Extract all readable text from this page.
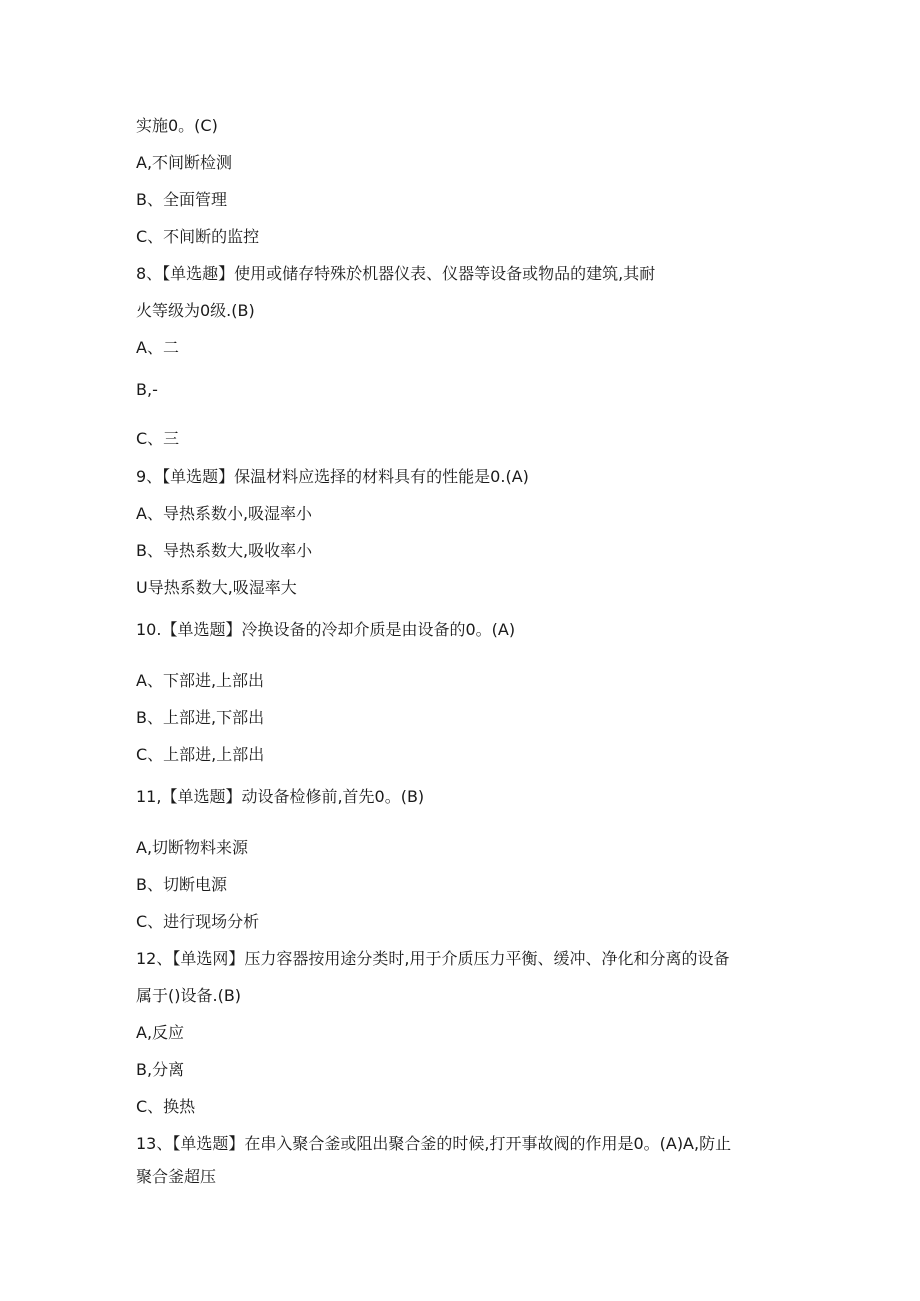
实施0。(C)
A,不间断检测
B、全面管理
C、不间断的监控
8、【单选趣】使用或储存特殊於机器仪表、仪器等设备或物品的建筑,其耐
火等级为0级.(B)
A、二
B,-
C、三
9、【单选题】保温材料应选择的材料具有的性能是0.(A)
A、导热系数小,吸湿率小
B、导热系数大,吸收率小
U导热系数大,吸湿率大
10.【单选题】冷换设备的冷却介质是由设备的0。(A)
A、下部进,上部出
B、上部进,下部出
C、上部进,上部出
11,【单选题】动设备检修前,首先0。(B)
A,切断物料来源
B、切断电源
C、进行现场分析
12、【单选网】压力容器按用途分类时,用于介质压力平衡、缓冲、净化和分离的设备
属于()设备.(B)
A,反应
B,分离
C、换热
13、【单选题】在串入聚合釜或阻出聚合釜的时候,打开事故阀的作用是0。(A)A,防止
聚合釜超压
